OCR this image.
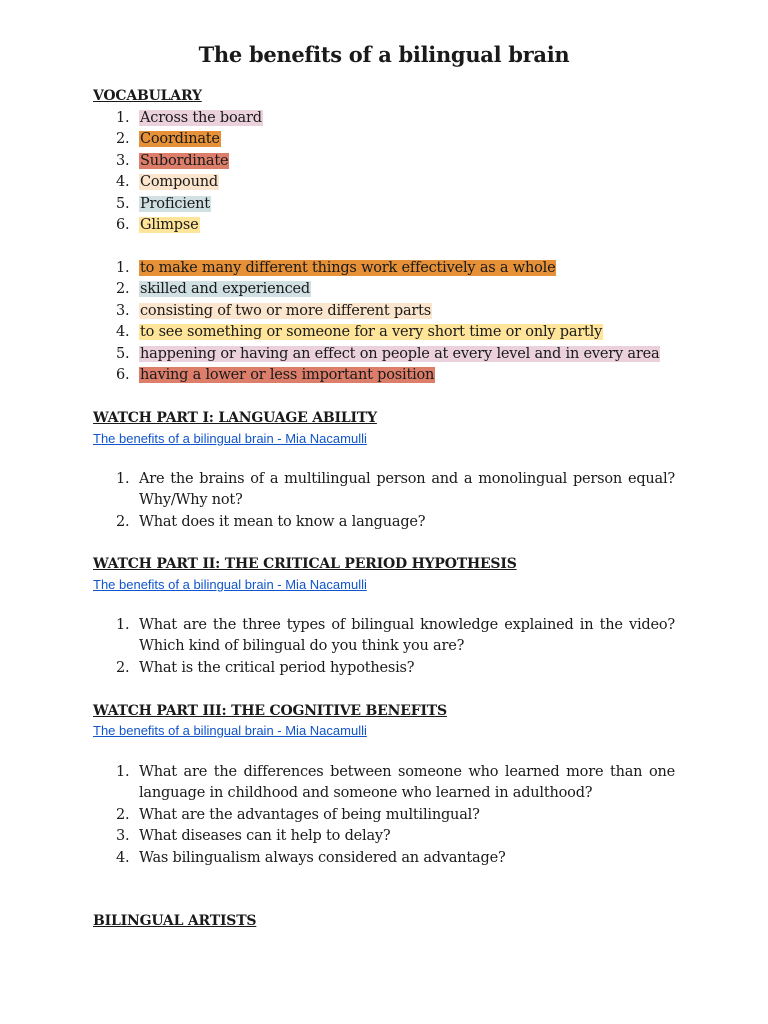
The benefits of a bilingual brain
VOCABULARY
1. Across the board
2. Coordinate
3. Subordinate
4. Compound
5. Proficient
6. Glimpse
1. to make many different things work effectively as a whole
2. skilled and experienced
3. consisting of two or more different parts
4. to see something or someone for a very short time or only partly
5. happening or having an effect on people at every level and in every area
6. having a lower or less important position
WATCH PART I: LANGUAGE ABILITY
The benefits of a bilingual brain - Mia Nacamulli
1. Are the brains of a multilingual person and a monolingual person equal? Why/Why not?
2. What does it mean to know a language?
WATCH PART II: THE CRITICAL PERIOD HYPOTHESIS
The benefits of a bilingual brain - Mia Nacamulli
1. What are the three types of bilingual knowledge explained in the video? Which kind of bilingual do you think you are?
2. What is the critical period hypothesis?
WATCH PART III: THE COGNITIVE BENEFITS
The benefits of a bilingual brain - Mia Nacamulli
1. What are the differences between someone who learned more than one language in childhood and someone who learned in adulthood?
2. What are the advantages of being multilingual?
3. What diseases can it help to delay?
4. Was bilingualism always considered an advantage?
BILINGUAL ARTISTS
